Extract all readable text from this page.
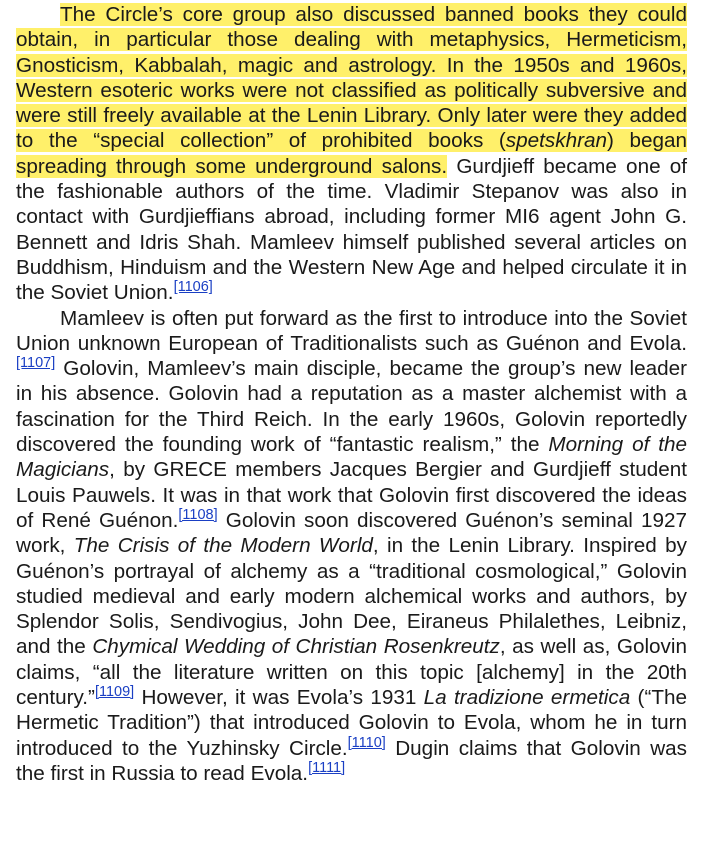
The Circle’s core group also discussed banned books they could obtain, in particular those dealing with metaphysics, Hermeticism, Gnosticism, Kabbalah, magic and astrology. In the 1950s and 1960s, Western esoteric works were not classified as politically subversive and were still freely available at the Lenin Library. Only later were they added to the “special collection” of prohibited books (spetskhran) began spreading through some underground salons. Gurdjieff became one of the fashionable authors of the time. Vladimir Stepanov was also in contact with Gurdjieffians abroad, including former MI6 agent John G. Bennett and Idris Shah. Mamleev himself published several articles on Buddhism, Hinduism and the Western New Age and helped circulate it in the Soviet Union.[1106]

Mamleev is often put forward as the first to introduce into the Soviet Union unknown European of Traditionalists such as Guénon and Evola.[1107] Golovin, Mamleev’s main disciple, became the group’s new leader in his absence. Golovin had a reputation as a master alchemist with a fascination for the Third Reich. In the early 1960s, Golovin reportedly discovered the founding work of “fantastic realism,” the Morning of the Magicians, by GRECE members Jacques Bergier and Gurdjieff student Louis Pauwels. It was in that work that Golovin first discovered the ideas of René Guénon.[1108] Golovin soon discovered Guénon’s seminal 1927 work, The Crisis of the Modern World, in the Lenin Library. Inspired by Guénon’s portrayal of alchemy as a “traditional cosmological,” Golovin studied medieval and early modern alchemical works and authors, by Splendor Solis, Sendivogius, John Dee, Eiraneus Philalethes, Leibniz, and the Chymical Wedding of Christian Rosenkreutz, as well as, Golovin claims, “all the literature written on this topic [alchemy] in the 20th century.”[1109] However, it was Evola’s 1931 La tradizione ermetica (“The Hermetic Tradition”) that introduced Golovin to Evola, whom he in turn introduced to the Yuzhinsky Circle.[1110] Dugin claims that Golovin was the first in Russia to read Evola.[1111]
